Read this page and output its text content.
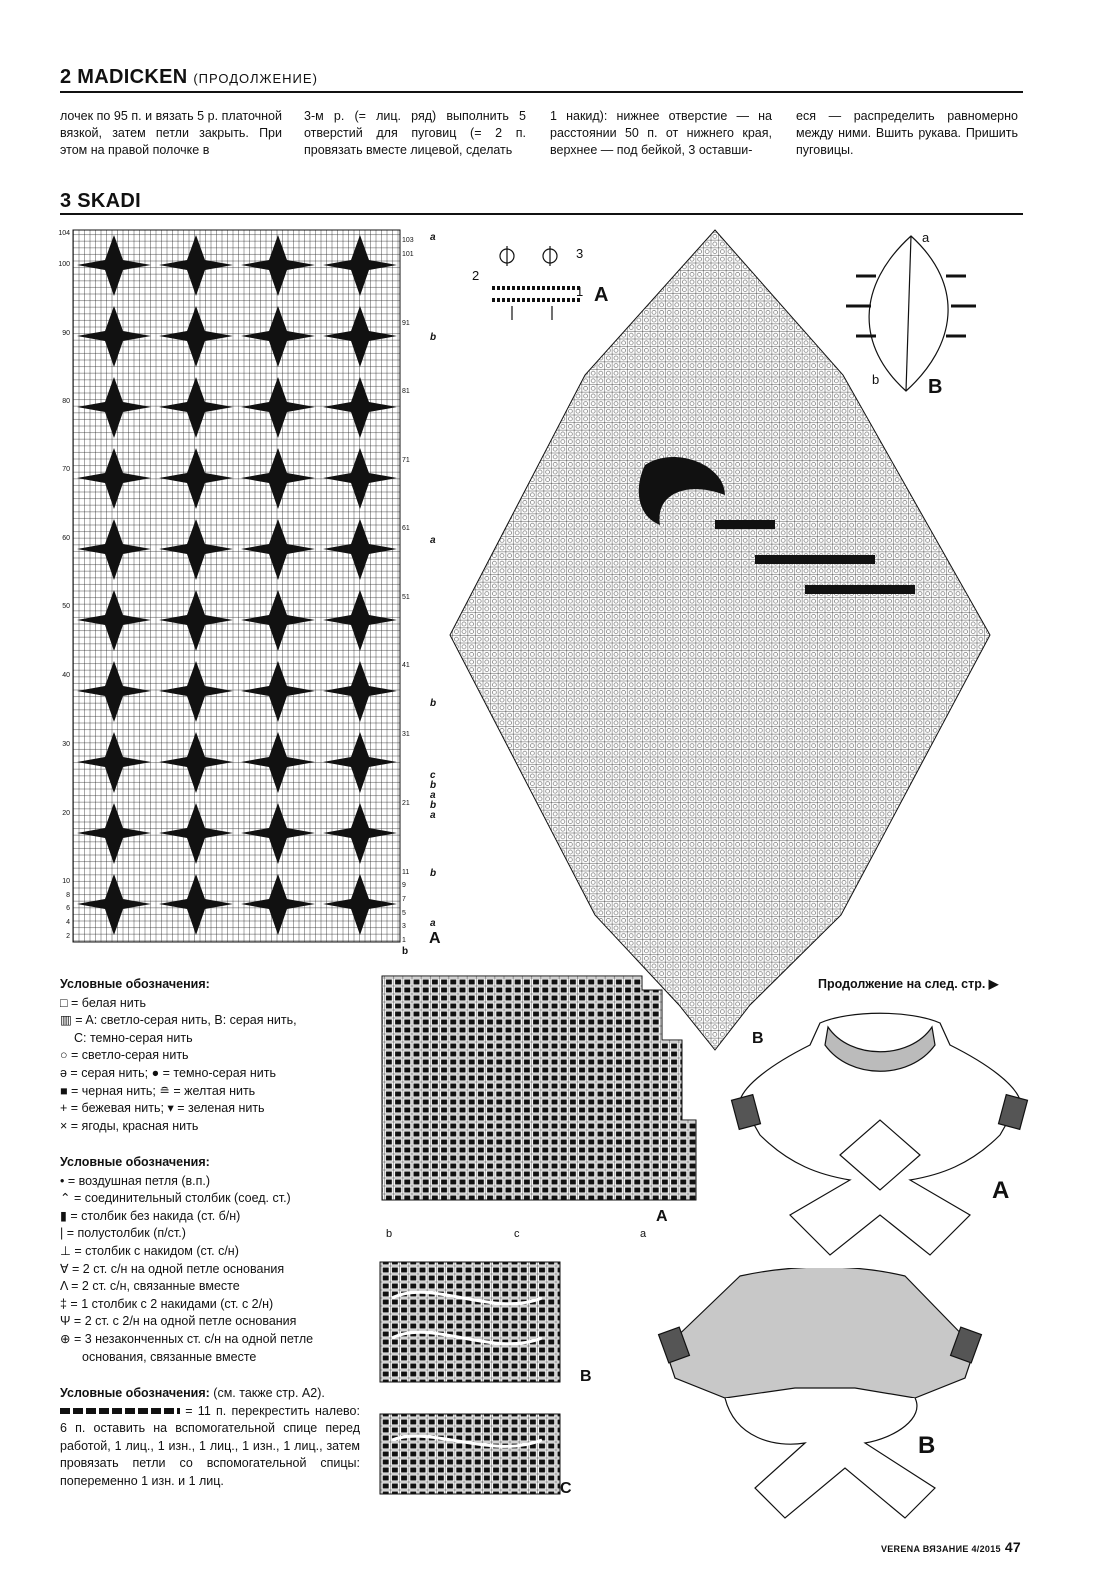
2 MADICKEN (ПРОДОЛЖЕНИЕ)
лочек по 95 п. и вязать 5 р. платочной вязкой, затем петли закрыть. При этом на правой полочке в
3-м р. (= лиц. ряд) выполнить 5 отверстий для пуговиц (= 2 п. провязать вместе лицевой, сделать
1 накид): нижнее отверстие — на расстоянии 50 п. от нижнего края, верхнее — под бейкой, 3 оставши-
еся — распределить равномерно между ними. Вшить рукава. Пришить пуговицы.
3 SKADI
104
100
90
80
70
60
50
40
30
20
10
8
6
4
2
103
101
91
81
71
61
51
41
31
21
11
9
7
5
3
1
a
b
a
b
c
b
a
b
a
b
a
A
b
B
2
3
1 A
a
b B
Условные обозначения:
□ = белая нить
▥ = A: светло-серая нить, B: серая нить,
C: темно-серая нить
○ = светло-серая нить
ә = серая нить; ● = темно-серая нить
■ = черная нить; ≘ = желтая нить
+ = бежевая нить; ▾ = зеленая нить
× = ягоды, красная нить
Условные обозначения:
• = воздушная петля (в.п.)
⌃ = соединительный столбик (соед. ст.)
▮ = столбик без накида (ст. б/н)
| = полустолбик (п/ст.)
⊥ = столбик с накидом (ст. с/н)
∀ = 2 ст. с/н на одной петле основания
Λ = 2 ст. с/н, связанные вместе
‡ = 1 столбик с 2 накидами (ст. с 2/н)
Ψ = 2 ст. с 2/н на одной петле основания
⊕ = 3 незаконченных ст. с/н на одной петле
основания, связанные вместе
Условные обозначения: (см. также стр. А2).
= 11 п. перекрестить налево: 6 п. оставить на вспомогательной спице перед работой, 1 лиц., 1 изн., 1 лиц., 1 изн., 1 лиц., затем провязать петли со вспомогательной спицы: попеременно 1 изн. и 1 лиц.
A
b	c	a
B
C
Продолжение на след. стр. ▶
A
B
VERENA ВЯЗАНИЕ 4/2015 47
